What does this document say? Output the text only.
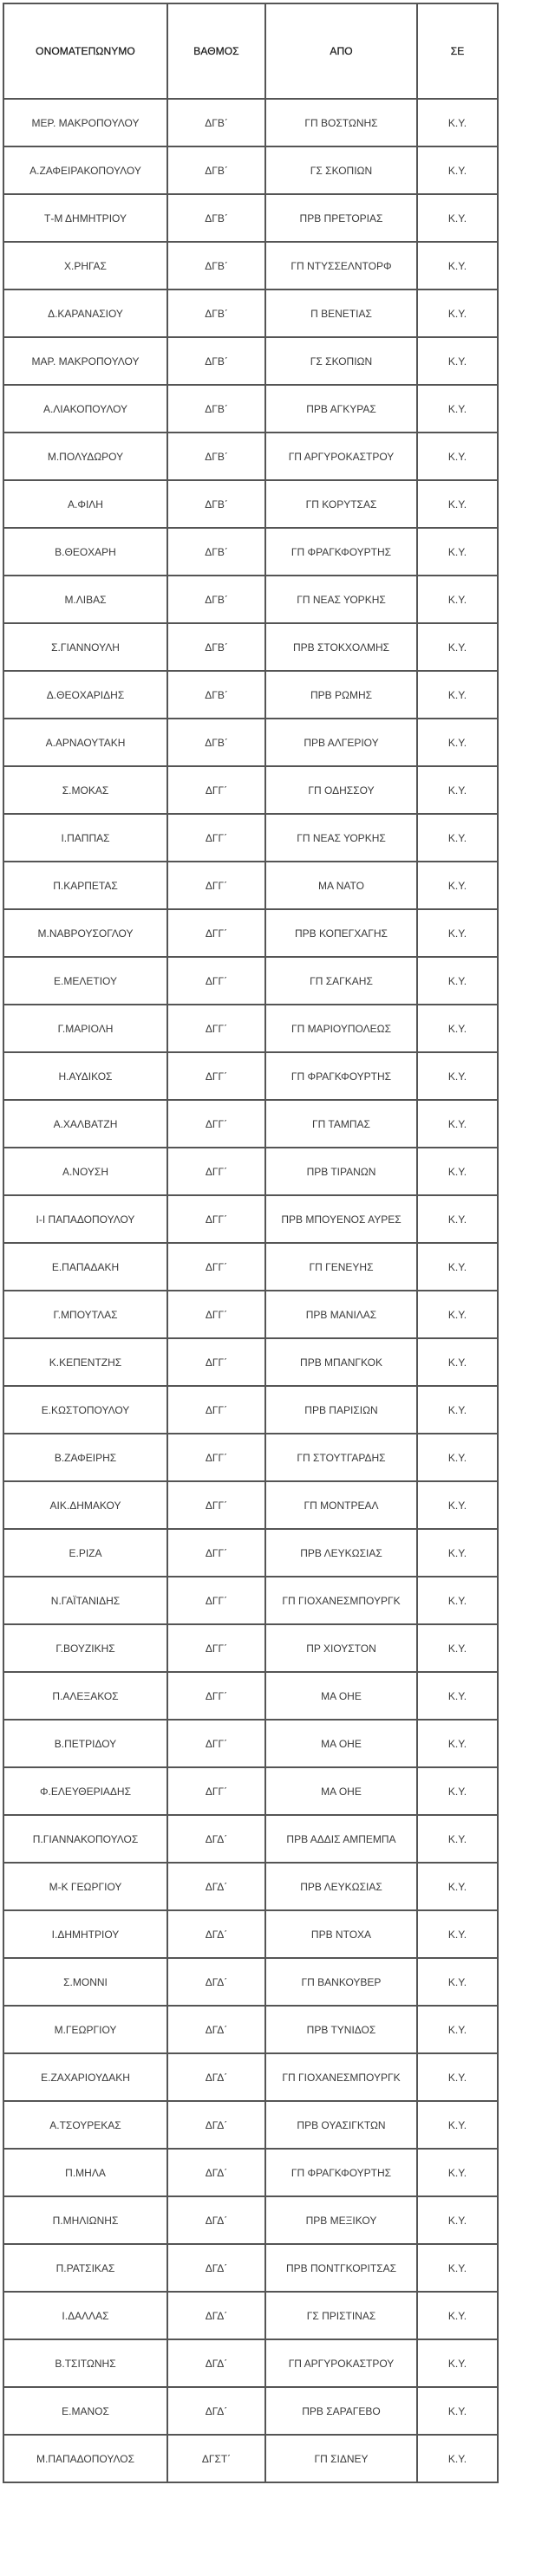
ΟΝΟΜΑΤΕΠΩΝΥΜΟ	ΒΑΘΜΟΣ	ΑΠΟ	ΣΕ
ΜΕΡ. ΜΑΚΡΟΠΟΥΛΟΥ	ΔΓΒ΄	ΓΠ ΒΟΣΤΩΝΗΣ	Κ.Υ.
Α.ΖΑΦΕΙΡΑΚΟΠΟΥΛΟΥ	ΔΓΒ΄	ΓΣ ΣΚΟΠΙΩΝ	Κ.Υ.
Τ-Μ ΔΗΜΗΤΡΙΟΥ	ΔΓΒ΄	ΠΡΒ ΠΡΕΤΟΡΙΑΣ	Κ.Υ.
Χ.ΡΗΓΑΣ	ΔΓΒ΄	ΓΠ ΝΤΥΣΣΕΛΝΤΟΡΦ	Κ.Υ.
Δ.ΚΑΡΑΝΑΣΙΟΥ	ΔΓΒ΄	Π ΒΕΝΕΤΙΑΣ	Κ.Υ.
ΜΑΡ. ΜΑΚΡΟΠΟΥΛΟΥ	ΔΓΒ΄	ΓΣ ΣΚΟΠΙΩΝ	Κ.Υ.
Α.ΛΙΑΚΟΠΟΥΛΟΥ	ΔΓΒ΄	ΠΡΒ ΑΓΚΥΡΑΣ	Κ.Υ.
Μ.ΠΟΛΥΔΩΡΟΥ	ΔΓΒ΄	ΓΠ ΑΡΓΥΡΟΚΑΣΤΡΟΥ	Κ.Υ.
Α.ΦΙΛΗ	ΔΓΒ΄	ΓΠ ΚΟΡΥΤΣΑΣ	Κ.Υ.
Β.ΘΕΟΧΑΡΗ	ΔΓΒ΄	ΓΠ ΦΡΑΓΚΦΟΥΡΤΗΣ	Κ.Υ.
Μ.ΛΙΒΑΣ	ΔΓΒ΄	ΓΠ ΝΕΑΣ ΥΟΡΚΗΣ	Κ.Υ.
Σ.ΓΙΑΝΝΟΥΛΗ	ΔΓΒ΄	ΠΡΒ ΣΤΟΚΧΟΛΜΗΣ	Κ.Υ.
Δ.ΘΕΟΧΑΡΙΔΗΣ	ΔΓΒ΄	ΠΡΒ ΡΩΜΗΣ	Κ.Υ.
Α.ΑΡΝΑΟΥΤΑΚΗ	ΔΓΒ΄	ΠΡΒ ΑΛΓΕΡΙΟΥ	Κ.Υ.
Σ.ΜΟΚΑΣ	ΔΓΓ΄	ΓΠ ΟΔΗΣΣΟΥ	Κ.Υ.
Ι.ΠΑΠΠΑΣ	ΔΓΓ΄	ΓΠ ΝΕΑΣ ΥΟΡΚΗΣ	Κ.Υ.
Π.ΚΑΡΠΕΤΑΣ	ΔΓΓ΄	ΜΑ ΝΑΤΟ	Κ.Υ.
Μ.ΝΑΒΡΟΥΣΟΓΛΟΥ	ΔΓΓ΄	ΠΡΒ ΚΟΠΕΓΧΑΓΗΣ	Κ.Υ.
Ε.ΜΕΛΕΤΙΟΥ	ΔΓΓ΄	ΓΠ ΣΑΓΚΑΗΣ	Κ.Υ.
Γ.ΜΑΡΙΟΛΗ	ΔΓΓ΄	ΓΠ ΜΑΡΙΟΥΠΟΛΕΩΣ	Κ.Υ.
Η.ΑΥΔΙΚΟΣ	ΔΓΓ΄	ΓΠ ΦΡΑΓΚΦΟΥΡΤΗΣ	Κ.Υ.
Α.ΧΑΛΒΑΤΖΗ	ΔΓΓ΄	ΓΠ ΤΑΜΠΑΣ	Κ.Υ.
Α.ΝΟΥΣΗ	ΔΓΓ΄	ΠΡΒ ΤΙΡΑΝΩΝ	Κ.Υ.
Ι-Ι ΠΑΠΑΔΟΠΟΥΛΟΥ	ΔΓΓ΄	ΠΡΒ ΜΠΟΥΕΝΟΣ ΑΥΡΕΣ	Κ.Υ.
Ε.ΠΑΠΑΔΑΚΗ	ΔΓΓ΄	ΓΠ ΓΕΝΕΥΗΣ	Κ.Υ.
Γ.ΜΠΟΥΤΛΑΣ	ΔΓΓ΄	ΠΡΒ ΜΑΝΙΛΑΣ	Κ.Υ.
Κ.ΚΕΠΕΝΤΖΗΣ	ΔΓΓ΄	ΠΡΒ ΜΠΑΝΓΚΟΚ	Κ.Υ.
Ε.ΚΩΣΤΟΠΟΥΛΟΥ	ΔΓΓ΄	ΠΡΒ ΠΑΡΙΣΙΩΝ	Κ.Υ.
Β.ΖΑΦΕΙΡΗΣ	ΔΓΓ΄	ΓΠ ΣΤΟΥΤΓΑΡΔΗΣ	Κ.Υ.
ΑΙΚ.ΔΗΜΑΚΟΥ	ΔΓΓ΄	ΓΠ ΜΟΝΤΡΕΑΛ	Κ.Υ.
Ε.ΡΙΖΑ	ΔΓΓ΄	ΠΡΒ ΛΕΥΚΩΣΙΑΣ	Κ.Υ.
Ν.ΓΑΪΤΑΝΙΔΗΣ	ΔΓΓ΄	ΓΠ ΓΙΟΧΑΝΕΣΜΠΟΥΡΓΚ	Κ.Υ.
Γ.ΒΟΥΖΙΚΗΣ	ΔΓΓ΄	ΠΡ ΧΙΟΥΣΤΟΝ	Κ.Υ.
Π.ΑΛΕΞΑΚΟΣ	ΔΓΓ΄	ΜΑ ΟΗΕ	Κ.Υ.
Β.ΠΕΤΡΙΔΟΥ	ΔΓΓ΄	ΜΑ ΟΗΕ	Κ.Υ.
Φ.ΕΛΕΥΘΕΡΙΑΔΗΣ	ΔΓΓ΄	ΜΑ ΟΗΕ	Κ.Υ.
Π.ΓΙΑΝΝΑΚΟΠΟΥΛΟΣ	ΔΓΔ΄	ΠΡΒ ΑΔΔΙΣ ΑΜΠΕΜΠΑ	Κ.Υ.
Μ-Κ ΓΕΩΡΓΙΟΥ	ΔΓΔ΄	ΠΡΒ ΛΕΥΚΩΣΙΑΣ	Κ.Υ.
Ι.ΔΗΜΗΤΡΙΟΥ	ΔΓΔ΄	ΠΡΒ ΝΤΟΧΑ	Κ.Υ.
Σ.ΜΟΝΝΙ	ΔΓΔ΄	ΓΠ ΒΑΝΚΟΥΒΕΡ	Κ.Υ.
Μ.ΓΕΩΡΓΙΟΥ	ΔΓΔ΄	ΠΡΒ ΤΥΝΙΔΟΣ	Κ.Υ.
Ε.ΖΑΧΑΡΙΟΥΔΑΚΗ	ΔΓΔ΄	ΓΠ ΓΙΟΧΑΝΕΣΜΠΟΥΡΓΚ	Κ.Υ.
Α.ΤΣΟΥΡΕΚΑΣ	ΔΓΔ΄	ΠΡΒ ΟΥΑΣΙΓΚΤΩΝ	Κ.Υ.
Π.ΜΗΛΑ	ΔΓΔ΄	ΓΠ ΦΡΑΓΚΦΟΥΡΤΗΣ	Κ.Υ.
Π.ΜΗΛΙΩΝΗΣ	ΔΓΔ΄	ΠΡΒ ΜΕΞΙΚΟΥ	Κ.Υ.
Π.ΡΑΤΣΙΚΑΣ	ΔΓΔ΄	ΠΡΒ ΠΟΝΤΓΚΟΡΙΤΣΑΣ	Κ.Υ.
Ι.ΔΑΛΛΑΣ	ΔΓΔ΄	ΓΣ ΠΡΙΣΤΙΝΑΣ	Κ.Υ.
Β.ΤΣΙΤΩΝΗΣ	ΔΓΔ΄	ΓΠ ΑΡΓΥΡΟΚΑΣΤΡΟΥ	Κ.Υ.
Ε.ΜΑΝΟΣ	ΔΓΔ΄	ΠΡΒ ΣΑΡΑΓΕΒΟ	Κ.Υ.
Μ.ΠΑΠΑΔΟΠΟΥΛΟΣ	ΔΓΣΤ΄	ΓΠ ΣΙΔΝΕΥ	Κ.Υ.
